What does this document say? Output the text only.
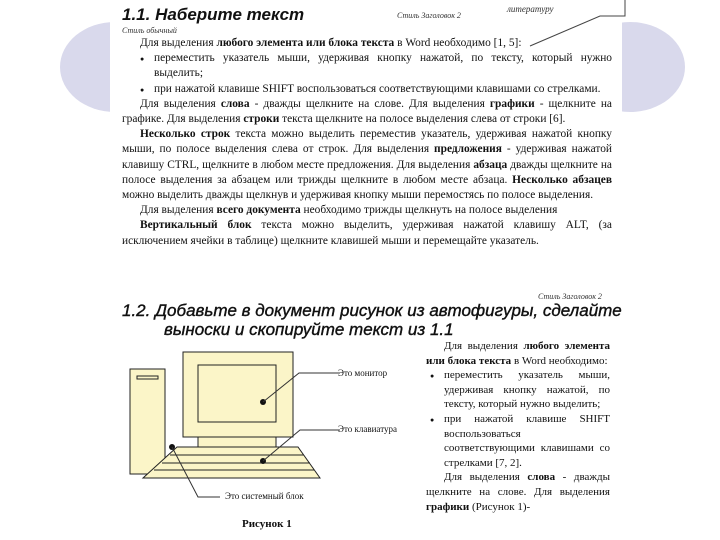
литературу
1.1. Наберите текст	Стиль Заголовок 2
Стиль обычный
Для выделения любого элемента или блока текста в Word необходимо [1, 5]:
● переместить указатель мыши, удерживая кнопку нажатой, по тексту, который нужно выделить;
● при нажатой клавише SHIFT воспользоваться соответствующими клавишами со стрелками.
Для выделения слова - дважды щелкните на слове. Для выделения графики - щелкните на графике. Для выделения строки текста щелкните на полосе выделения слева от строки [6].
Несколько строк текста можно выделить переместив указатель, удерживая нажатой кнопку мыши, по полосе выделения слева от строк. Для выделения предложения - удерживая нажатой клавишу CTRL, щелкните в любом месте предложения. Для выделения абзаца дважды щелкните на полосе выделения за абзацем или трижды щелкните в любом месте абзаца. Несколько абзацев можно выделить дважды щелкнув и удерживая кнопку мыши перемостясь по полосе выделения.
Для выделения всего документа необходимо трижды щелкнуть на полосе выделения
Вертикальный блок текста можно выделить, удерживая нажатой клавишу ALT, (за исключением ячейки в таблице) щелкните клавишей мыши и перемещайте указатель.
Стиль Заголовок 2
1.2. Добавьте в документ рисунок из автофигуры, сделайте выноски и скопируйте текст из 1.1
Это монитор
Это клавиатура
Это системный блок
Рисунок 1
Для выделения любого элемента или блока текста в Word необходимо:
● переместить указатель мыши, удерживая кнопку нажатой, по тексту, который нужно выделить;
● при нажатой клавише SHIFT воспользоваться соответствующими клавишами со стрелками [7, 2].
Для выделения слова - дважды щелкните на слове. Для выделения графики (Рисунок 1)-
